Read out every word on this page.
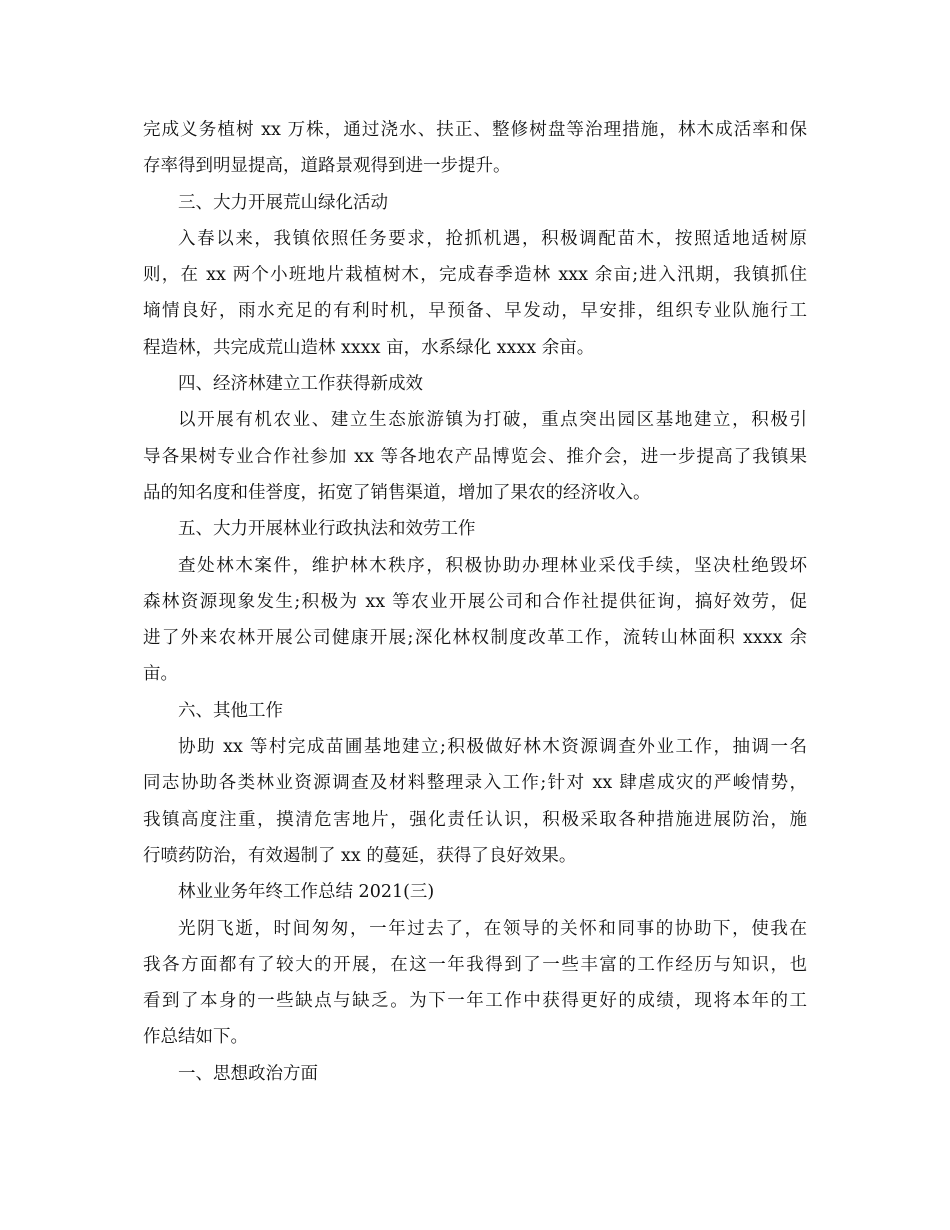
完成义务植树 xx 万株，通过浇水、扶正、整修树盘等治理措施，林木成活率和保

存率得到明显提高，道路景观得到进一步提升。

三、大力开展荒山绿化活动

入春以来，我镇依照任务要求，抢抓机遇，积极调配苗木，按照适地适树原

则，在 xx 两个小班地片栽植树木，完成春季造林 xxx 余亩;进入汛期，我镇抓住

墒情良好，雨水充足的有利时机，早预备、早发动，早安排，组织专业队施行工

程造林，共完成荒山造林 xxxx 亩，水系绿化 xxxx 余亩。

四、经济林建立工作获得新成效

以开展有机农业、建立生态旅游镇为打破，重点突出园区基地建立，积极引

导各果树专业合作社参加 xx 等各地农产品博览会、推介会，进一步提高了我镇果

品的知名度和佳誉度，拓宽了销售渠道，增加了果农的经济收入。

五、大力开展林业行政执法和效劳工作

查处林木案件，维护林木秩序，积极协助办理林业采伐手续，坚决杜绝毁坏

森林资源现象发生;积极为 xx 等农业开展公司和合作社提供征询，搞好效劳，促

进了外来农林开展公司健康开展;深化林权制度改革工作，流转山林面积 xxxx 余

亩。

六、其他工作

协助 xx 等村完成苗圃基地建立;积极做好林木资源调查外业工作，抽调一名

同志协助各类林业资源调查及材料整理录入工作;针对 xx 肆虐成灾的严峻情势，

我镇高度注重，摸清危害地片，强化责任认识，积极采取各种措施进展防治，施

行喷药防治，有效遏制了 xx 的蔓延，获得了良好效果。

林业业务年终工作总结 2021(三)

光阴飞逝，时间匆匆，一年过去了，在领导的关怀和同事的协助下，使我在

我各方面都有了较大的开展，在这一年我得到了一些丰富的工作经历与知识，也

看到了本身的一些缺点与缺乏。为下一年工作中获得更好的成绩，现将本年的工

作总结如下。

一、思想政治方面
